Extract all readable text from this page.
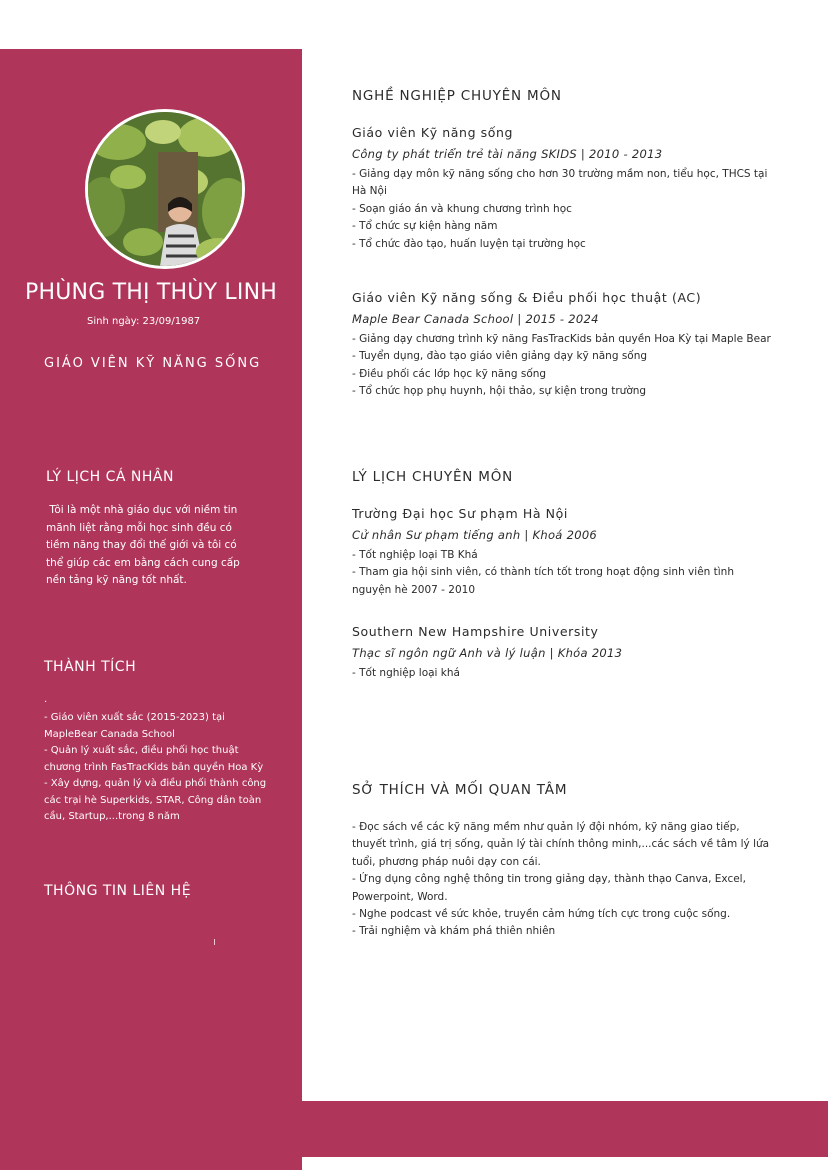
PHÙNG THỊ THÙY LINH
Sinh ngày: 23/09/1987
GIÁO VIÊN KỸ NĂNG SỐNG
LÝ LỊCH CÁ NHÂN
Tôi là một nhà giáo dục với niềm tin
mãnh liệt rằng mỗi học sinh đều có
tiềm năng thay đổi thế giới và tôi có
thể giúp các em bằng cách cung cấp
nền tảng kỹ năng tốt nhất.
THÀNH TÍCH
.
- Giáo viên xuất sắc (2015-2023) tại
MapleBear Canada School
- Quản lý xuất sắc, điều phối học thuật
chương trình FasTracKids bản quyền Hoa Kỳ
- Xây dựng, quản lý và điều phối thành công
các trại hè Superkids, STAR, Công dân toàn
cầu, Startup,...trong 8 năm
THÔNG TIN LIÊN HỆ
NGHỀ NGHIỆP CHUYÊN MÔN
Giáo viên Kỹ năng sống
Công ty phát triển trẻ tài năng SKIDS | 2010 - 2013
- Giảng dạy môn kỹ năng sống cho hơn 30 trường mầm non, tiểu học, THCS tại
Hà Nội
- Soạn giáo án và khung chương trình học
- Tổ chức sự kiện hàng năm
- Tổ chức đào tạo, huấn luyện tại trường học
Giáo viên Kỹ năng sống & Điều phối học thuật (AC)
Maple Bear Canada School | 2015 - 2024
- Giảng dạy chương trình kỹ năng FasTracKids bản quyền Hoa Kỳ tại Maple Bear
- Tuyển dụng, đào tạo giáo viên giảng dạy kỹ năng sống
- Điều phối các lớp học kỹ năng sống
- Tổ chức họp phụ huynh, hội thảo, sự kiện trong trường
LÝ LỊCH CHUYÊN MÔN
Trường Đại học Sư phạm Hà Nội
Cử nhân Sư phạm tiếng anh | Khoá 2006
- Tốt nghiệp loại TB Khá
- Tham gia hội sinh viên, có thành tích tốt trong hoạt động sinh viên tình
nguyện hè 2007 - 2010
Southern New Hampshire University
Thạc sĩ ngôn ngữ Anh và lý luận | Khóa 2013
- Tốt nghiệp loại khá
SỞ THÍCH VÀ MỐI QUAN TÂM
- Đọc sách về các kỹ năng mềm như quản lý đội nhóm, kỹ năng giao tiếp,
thuyết trình, giá trị sống, quản lý tài chính thông minh,...các sách về tâm lý lứa
tuổi, phương pháp nuôi dạy con cái.
- Ứng dụng công nghệ thông tin trong giảng dạy, thành thạo Canva, Excel,
Powerpoint, Word.
- Nghe podcast về sức khỏe, truyền cảm hứng tích cực trong cuộc sống.
- Trải nghiệm và khám phá thiên nhiên
